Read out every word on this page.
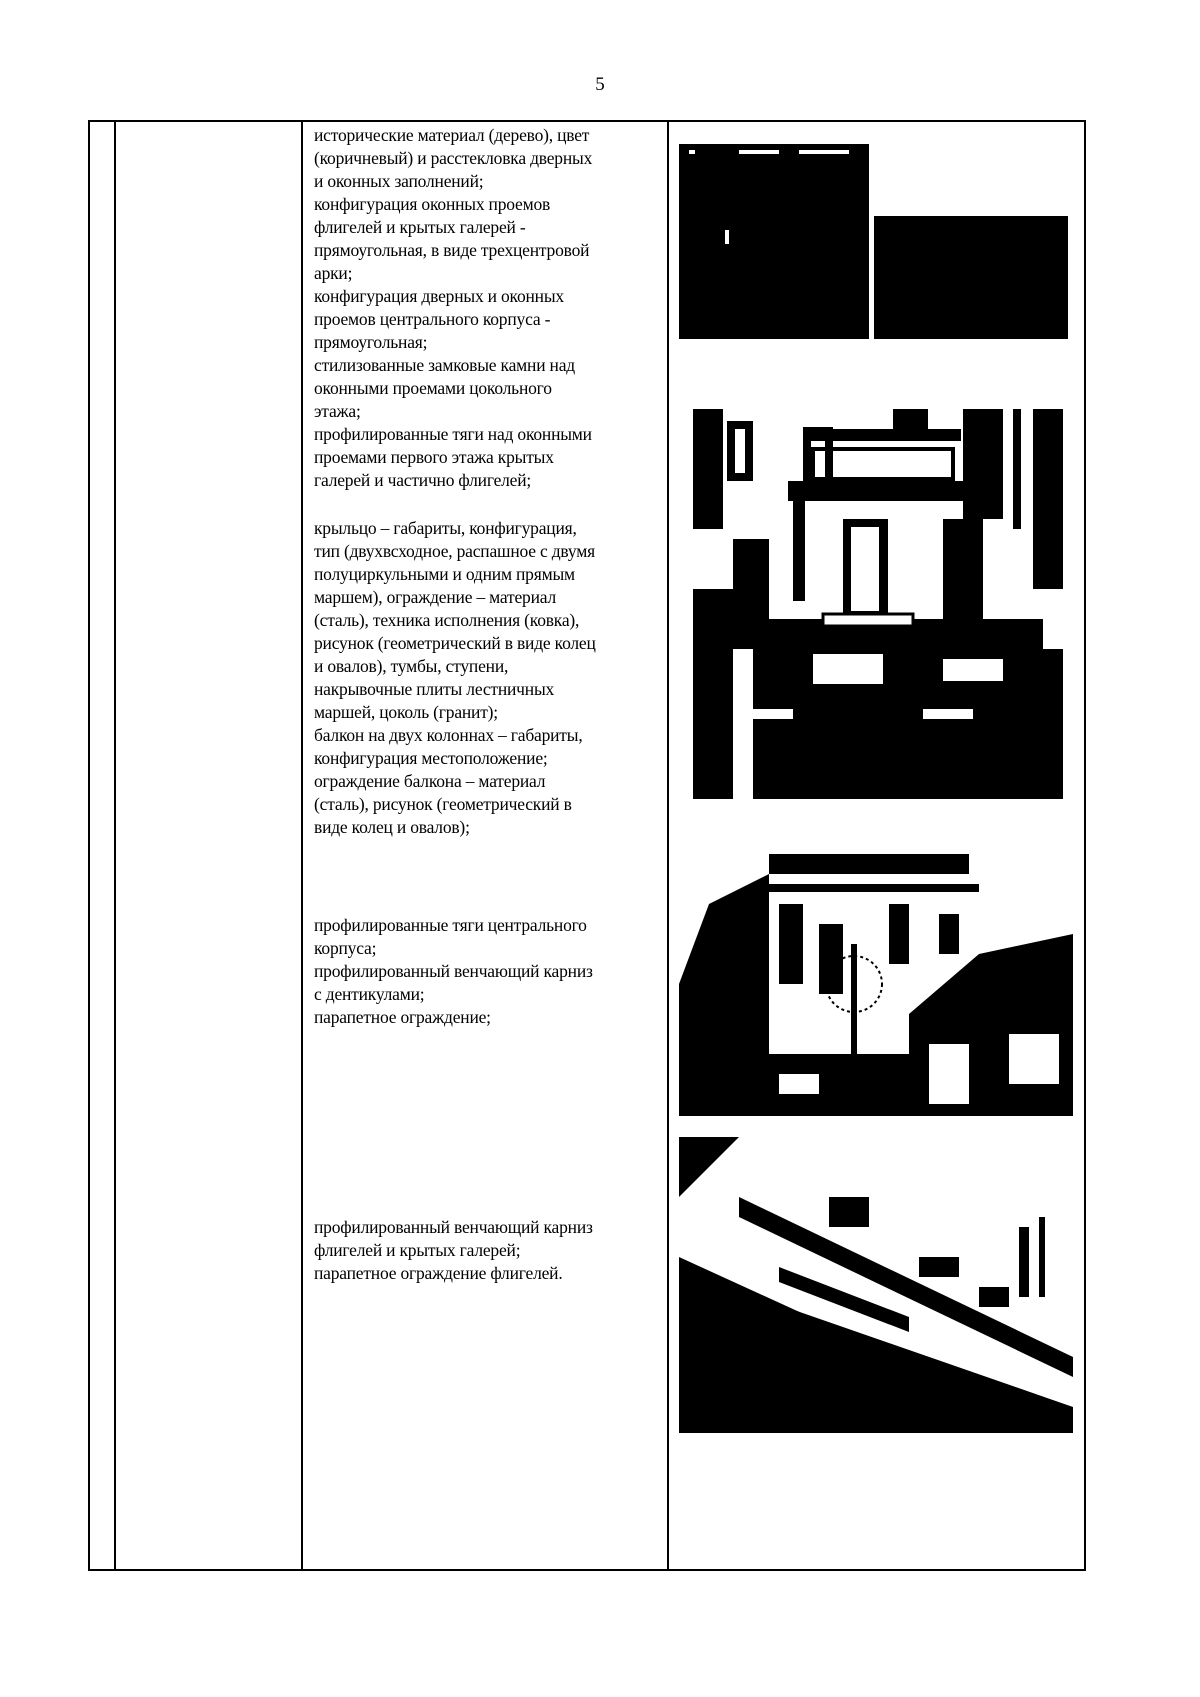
5
исторические материал (дерево), цвет
(коричневый) и расстекловка дверных
и оконных заполнений;
конфигурация оконных проемов
флигелей и крытых галерей -
прямоугольная, в виде трехцентровой
арки;
конфигурация дверных и оконных
проемов центрального корпуса -
прямоугольная;
стилизованные замковые камни над
оконными проемами цокольного
этажа;
профилированные тяги над оконными
проемами первого этажа крытых
галерей и частично флигелей;
крыльцо – габариты, конфигурация,
тип (двухвсходное, распашное с двумя
полуциркульными и одним прямым
маршем), ограждение – материал
(сталь), техника исполнения (ковка),
рисунок (геометрический в виде колец
и овалов), тумбы, ступени,
накрывочные плиты лестничных
маршей, цоколь (гранит);
балкон на двух колоннах – габариты,
конфигурация местоположение;
ограждение балкона – материал
(сталь), рисунок (геометрический в
виде колец и овалов);
профилированные тяги центрального
корпуса;
профилированный венчающий карниз
с дентикулами;
парапетное ограждение;
профилированный венчающий карниз
флигелей и крытых галерей;
парапетное ограждение флигелей.
